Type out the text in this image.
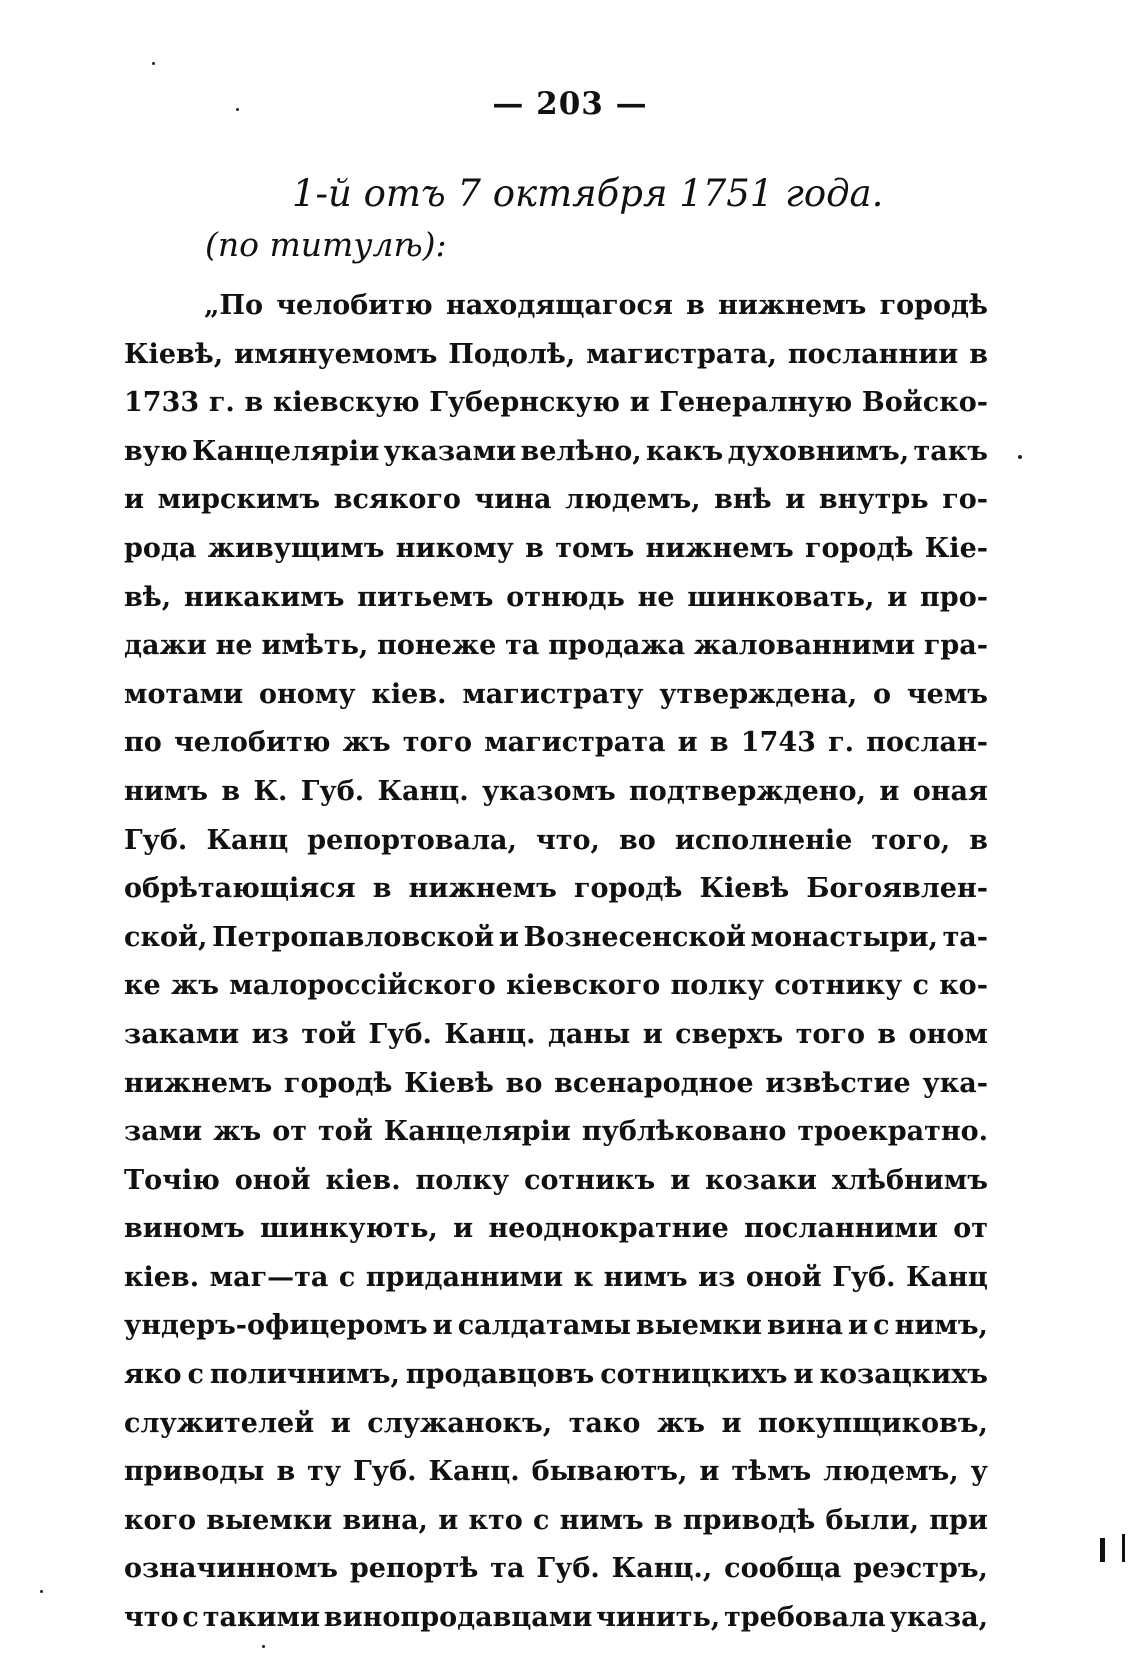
— 203 —
1-й отъ 7 октября 1751 года.
(по титулѣ):
„По челобитю находящагося в нижнемъ городѣ
Кіевѣ, имянуемомъ Подолѣ, магистрата, посланнии в
1733 г. в кіевскую Губернскую и Генералную Войско-
вую Канцелярiи указами велѣно, какъ духовнимъ, такъ
и мирскимъ всякого чина людемъ, внѣ и внутрь го-
рода живущимъ никому в томъ нижнемъ городѣ Кіе-
вѣ, никакимъ питьемъ отнюдь не шинковать, и про-
дажи не имѣть, понеже та продажа жалованними гра-
мотами оному кіев. магистрату утверждена, о чемъ
по челобитю жъ того магистрата и в 1743 г. послан-
нимъ в К. Губ. Канц. указомъ подтверждено, и оная
Губ. Канц репортовала, что, во исполненіе того, в
обрѣтающіяся в нижнемъ городѣ Кіевѣ Богоявлен-
ской, Петропавловской и Вознесенской монастыри, та-
ке жъ малороссійского кіевского полку сотнику с ко-
заками из той Губ. Канц. даны и сверхъ того в оном
нижнемъ городѣ Кіевѣ во всенародное извѣстие ука-
зами жъ от той Канцелярiи публѣковано троекратно.
Точію оной кіев. полку сотникъ и козаки хлѣбнимъ
виномъ шинкують, и неоднократние посланними от
кіев. маг—та с приданними к нимъ из оной Губ. Канц
ундеръ-офицеромъ и салдатамы выемки вина и с нимъ,
яко с поличнимъ, продавцовъ сотницкихъ и козацкихъ
служителей и служанокъ, тако жъ и покупщиковъ,
приводы в ту Губ. Канц. бываютъ, и тѣмъ людемъ, у
кого выемки вина, и кто с нимъ в приводѣ были, при
означинномъ репортѣ та Губ. Канц., сообща реэстръ,
что с такими винопродавцами чинить, требовала указа,
